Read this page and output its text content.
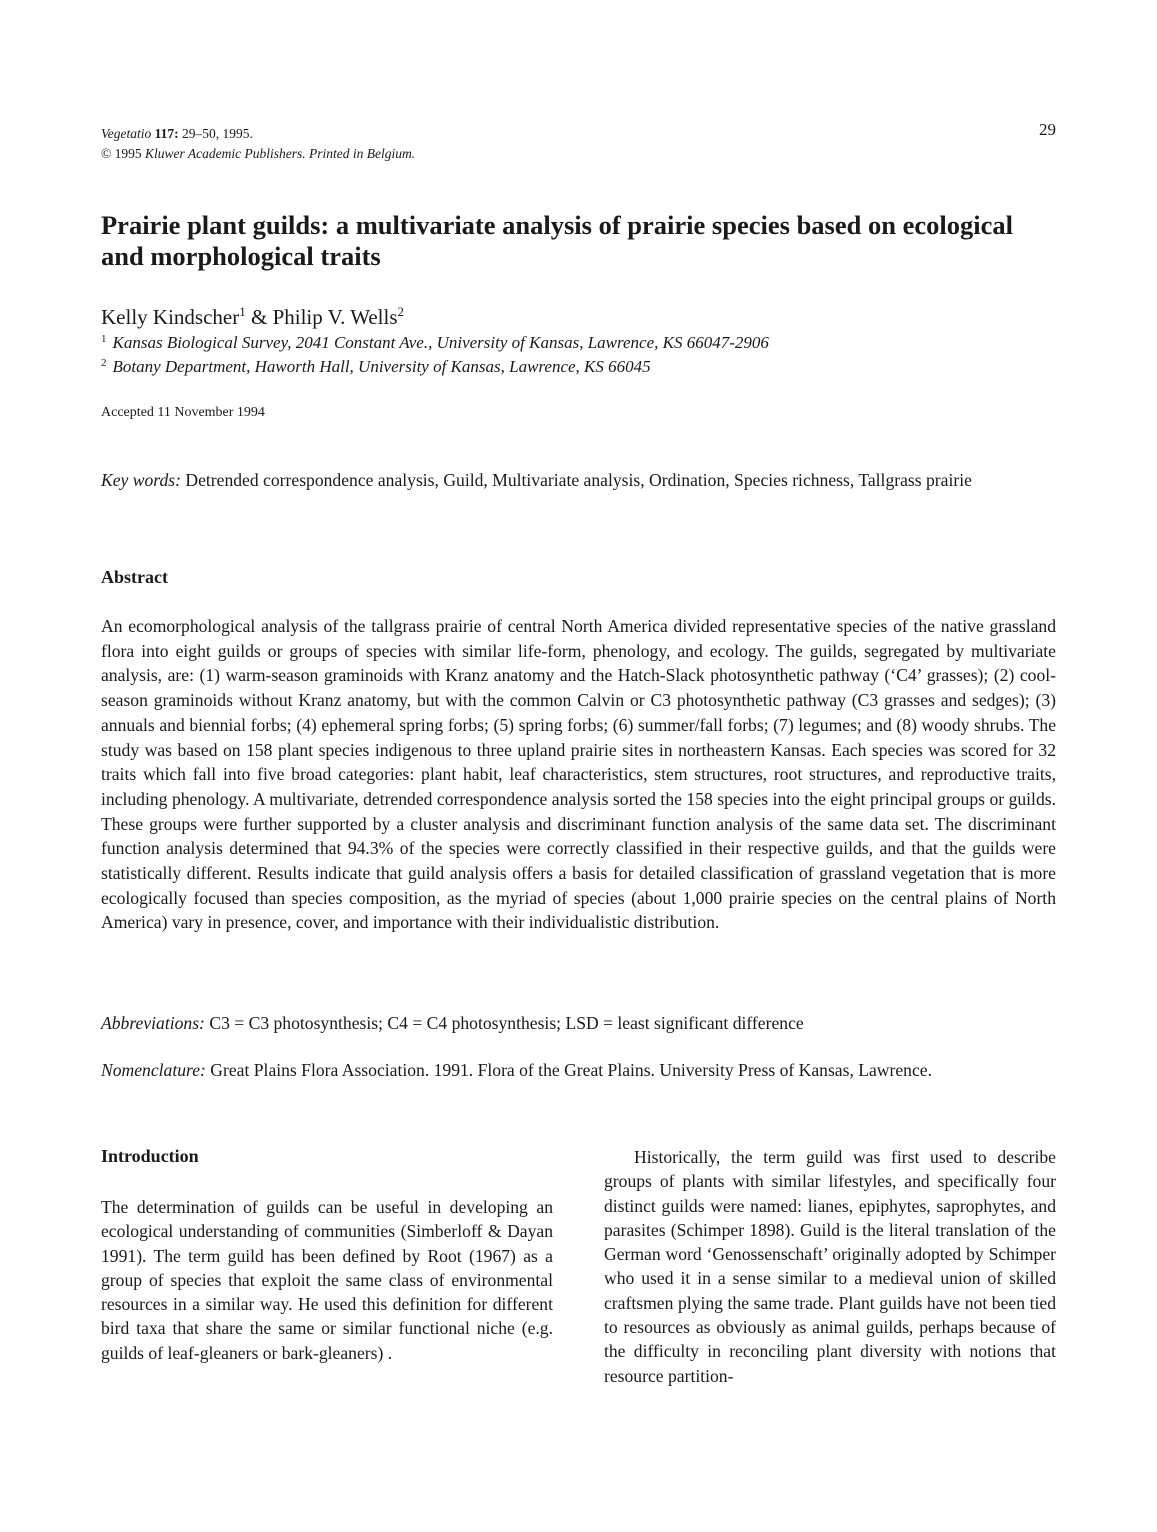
Vegetatio 117: 29–50, 1995.
© 1995 Kluwer Academic Publishers. Printed in Belgium.
29
Prairie plant guilds: a multivariate analysis of prairie species based on ecological and morphological traits
Kelly Kindscher$^1$ & Philip V. Wells$^2$
$^1$ Kansas Biological Survey, 2041 Constant Ave., University of Kansas, Lawrence, KS 66047-2906
$^2$ Botany Department, Haworth Hall, University of Kansas, Lawrence, KS 66045
Accepted 11 November 1994

Key words: Detrended correspondence analysis, Guild, Multivariate analysis, Ordination, Species richness, Tallgrass prairie

Abstract

An ecomorphological analysis of the tallgrass prairie of central North America divided representative species of the native grassland flora into eight guilds or groups of species with similar life-form, phenology, and ecology. The guilds, segregated by multivariate analysis, are: (1) warm-season graminoids with Kranz anatomy and the Hatch-Slack photosynthetic pathway (‘C4’ grasses); (2) cool-season graminoids without Kranz anatomy, but with the common Calvin or C3 photosynthetic pathway (C3 grasses and sedges); (3) annuals and biennial forbs; (4) ephemeral spring forbs; (5) spring forbs; (6) summer/fall forbs; (7) legumes; and (8) woody shrubs. The study was based on 158 plant species indigenous to three upland prairie sites in northeastern Kansas. Each species was scored for 32 traits which fall into five broad categories: plant habit, leaf characteristics, stem structures, root structures, and reproductive traits, including phenology. A multivariate, detrended correspondence analysis sorted the 158 species into the eight principal groups or guilds. These groups were further supported by a cluster analysis and discriminant function analysis of the same data set. The discriminant function analysis determined that 94.3% of the species were correctly classified in their respective guilds, and that the guilds were statistically different. Results indicate that guild analysis offers a basis for detailed classification of grassland vegetation that is more ecologically focused than species composition, as the myriad of species (about 1,000 prairie species on the central plains of North America) vary in presence, cover, and importance with their individualistic distribution.

Abbreviations: C3 = C3 photosynthesis; C4 = C4 photosynthesis; LSD = least significant difference

Nomenclature: Great Plains Flora Association. 1991. Flora of the Great Plains. University Press of Kansas, Lawrence.

Introduction

The determination of guilds can be useful in developing an ecological understanding of communities (Simberloff & Dayan 1991). The term guild has been defined by Root (1967) as a group of species that exploit the same class of environmental resources in a similar way. He used this definition for different bird taxa that share the same or similar functional niche (e.g. guilds of leaf-gleaners or bark-gleaners) .

Historically, the term guild was first used to describe groups of plants with similar lifestyles, and specifically four distinct guilds were named: lianes, epiphytes, saprophytes, and parasites (Schimper 1898). Guild is the literal translation of the German word ‘Genossenschaft’ originally adopted by Schimper who used it in a sense similar to a medieval union of skilled craftsmen plying the same trade. Plant guilds have not been tied to resources as obviously as animal guilds, perhaps because of the difficulty in reconciling plant diversity with notions that resource partition-
